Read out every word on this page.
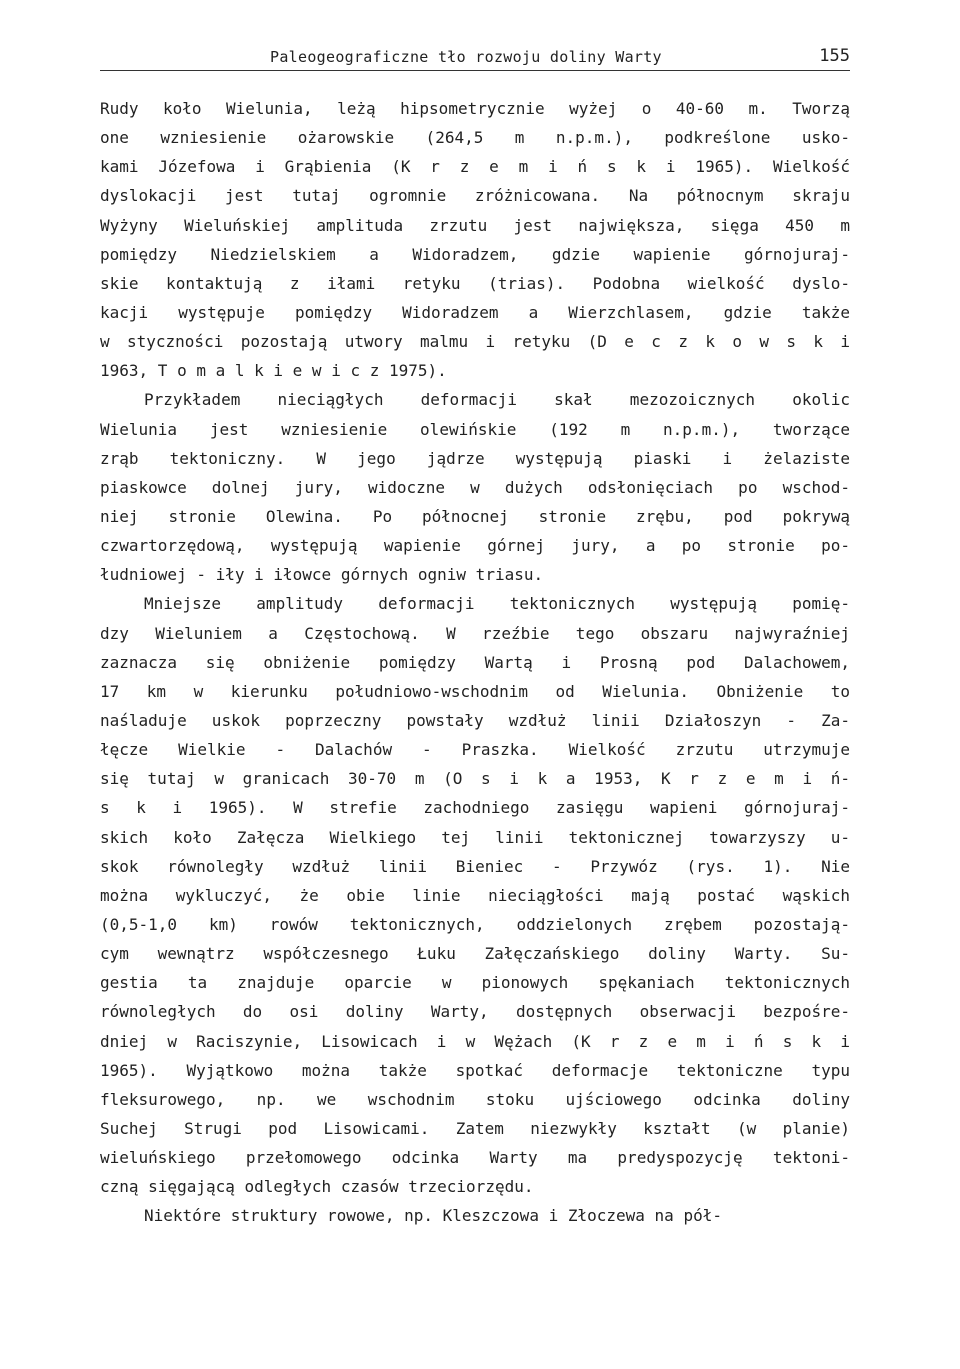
Paleogeograficzne tło rozwoju doliny Warty	155
Rudy koło Wielunia, leżą hipsometrycznie wyżej o 40-60 m. Tworzą
one wzniesienie ożarowskie (264,5 m n.p.m.), podkreślone usko-
kami Józefowa i Grąbienia (K r z e m i ń s k i 1965). Wielkość
dyslokacji jest tutaj ogromnie zróżnicowana. Na północnym skraju
Wyżyny Wieluńskiej amplituda zrzutu jest największa, sięga 450 m
pomiędzy Niedzielskiem a Widoradzem, gdzie wapienie górnojuraj-
skie kontaktują z iłami retyku (trias). Podobna wielkość dyslo-
kacji występuje pomiędzy Widoradzem a Wierzchlasem, gdzie także
w styczności pozostają utwory malmu i retyku (D e c z k o w s k i
1963, T o m a l k i e w i c z 1975).
Przykładem nieciągłych deformacji skał mezozoicznych okolic
Wielunia jest wzniesienie olewińskie (192 m n.p.m.), tworzące
zrąb tektoniczny. W jego jądrze występują piaski i żelaziste
piaskowce dolnej jury, widoczne w dużych odsłonięciach po wschod-
niej stronie Olewina. Po północnej stronie zrębu, pod pokrywą
czwartorzędową, występują wapienie górnej jury, a po stronie po-
łudniowej - iły i iłowce górnych ogniw triasu.
Mniejsze amplitudy deformacji tektonicznych występują pomię-
dzy Wieluniem a Częstochową. W rzeźbie tego obszaru najwyraźniej
zaznacza się obniżenie pomiędzy Wartą i Prosną pod Dalachowem,
17 km w kierunku południowo-wschodnim od Wielunia. Obniżenie to
naśladuje uskok poprzeczny powstały wzdłuż linii Działoszyn - Za-
łęcze Wielkie - Dalachów - Praszka. Wielkość zrzutu utrzymuje
się tutaj w granicach 30-70 m (O s i k a 1953, K r z e m i ń-
s k i 1965). W strefie zachodniego zasięgu wapieni górnojuraj-
skich koło Załęcza Wielkiego tej linii tektonicznej towarzyszy u-
skok równoległy wzdłuż linii Bieniec - Przywóz (rys. 1). Nie
można wykluczyć, że obie linie nieciągłości mają postać wąskich
(0,5-1,0 km) rowów tektonicznych, oddzielonych zrębem pozostają-
cym wewnątrz współczesnego Łuku Załęczańskiego doliny Warty. Su-
gestia ta znajduje oparcie w pionowych spękaniach tektonicznych
równoległych do osi doliny Warty, dostępnych obserwacji bezpośre-
dniej w Raciszynie, Lisowicach i w Wężach (K r z e m i ń s k i
1965). Wyjątkowo można także spotkać deformacje tektoniczne typu
fleksurowego, np. we wschodnim stoku ujściowego odcinka doliny
Suchej Strugi pod Lisowicami. Zatem niezwykły kształt (w planie)
wieluńskiego przełomowego odcinka Warty ma predyspozycję tektoni-
czną sięgającą odległych czasów trzeciorzędu.
Niektóre struktury rowowe, np. Kleszczowa i Złoczewa na pół-
